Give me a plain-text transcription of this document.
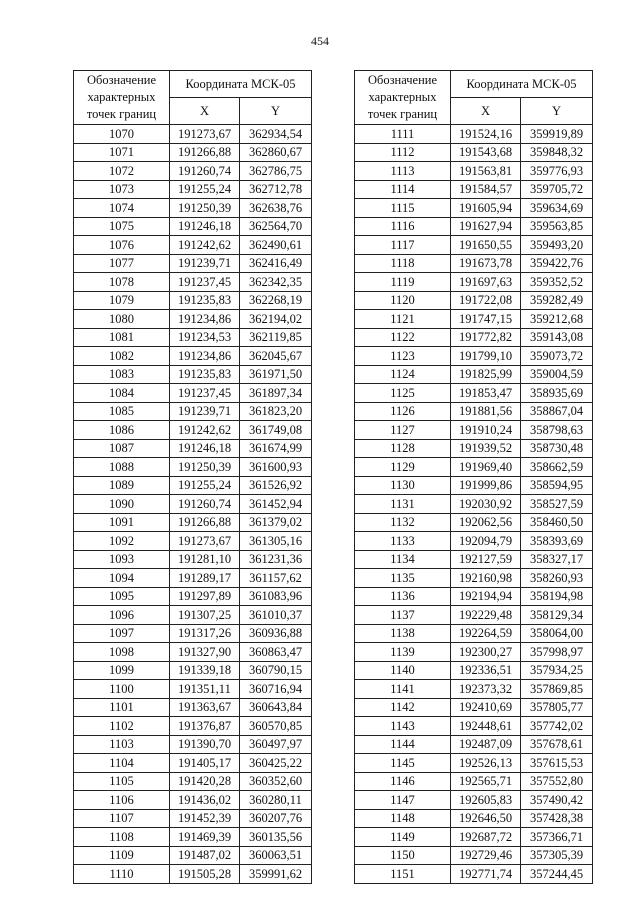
454
Обозначение характерных точек границ	Координата МСК-05	
	X	Y
1070	191273,67	362934,54
1071	191266,88	362860,67
1072	191260,74	362786,75
1073	191255,24	362712,78
1074	191250,39	362638,76
1075	191246,18	362564,70
1076	191242,62	362490,61
1077	191239,71	362416,49
1078	191237,45	362342,35
1079	191235,83	362268,19
1080	191234,86	362194,02
1081	191234,53	362119,85
1082	191234,86	362045,67
1083	191235,83	361971,50
1084	191237,45	361897,34
1085	191239,71	361823,20
1086	191242,62	361749,08
1087	191246,18	361674,99
1088	191250,39	361600,93
1089	191255,24	361526,92
1090	191260,74	361452,94
1091	191266,88	361379,02
1092	191273,67	361305,16
1093	191281,10	361231,36
1094	191289,17	361157,62
1095	191297,89	361083,96
1096	191307,25	361010,37
1097	191317,26	360936,88
1098	191327,90	360863,47
1099	191339,18	360790,15
1100	191351,11	360716,94
1101	191363,67	360643,84
1102	191376,87	360570,85
1103	191390,70	360497,97
1104	191405,17	360425,22
1105	191420,28	360352,60
1106	191436,02	360280,11
1107	191452,39	360207,76
1108	191469,39	360135,56
1109	191487,02	360063,51
1110	191505,28	359991,62
Обозначение характерных точек границ	Координата МСК-05	
	X	Y
1111	191524,16	359919,89
1112	191543,68	359848,32
1113	191563,81	359776,93
1114	191584,57	359705,72
1115	191605,94	359634,69
1116	191627,94	359563,85
1117	191650,55	359493,20
1118	191673,78	359422,76
1119	191697,63	359352,52
1120	191722,08	359282,49
1121	191747,15	359212,68
1122	191772,82	359143,08
1123	191799,10	359073,72
1124	191825,99	359004,59
1125	191853,47	358935,69
1126	191881,56	358867,04
1127	191910,24	358798,63
1128	191939,52	358730,48
1129	191969,40	358662,59
1130	191999,86	358594,95
1131	192030,92	358527,59
1132	192062,56	358460,50
1133	192094,79	358393,69
1134	192127,59	358327,17
1135	192160,98	358260,93
1136	192194,94	358194,98
1137	192229,48	358129,34
1138	192264,59	358064,00
1139	192300,27	357998,97
1140	192336,51	357934,25
1141	192373,32	357869,85
1142	192410,69	357805,77
1143	192448,61	357742,02
1144	192487,09	357678,61
1145	192526,13	357615,53
1146	192565,71	357552,80
1147	192605,83	357490,42
1148	192646,50	357428,38
1149	192687,72	357366,71
1150	192729,46	357305,39
1151	192771,74	357244,45
